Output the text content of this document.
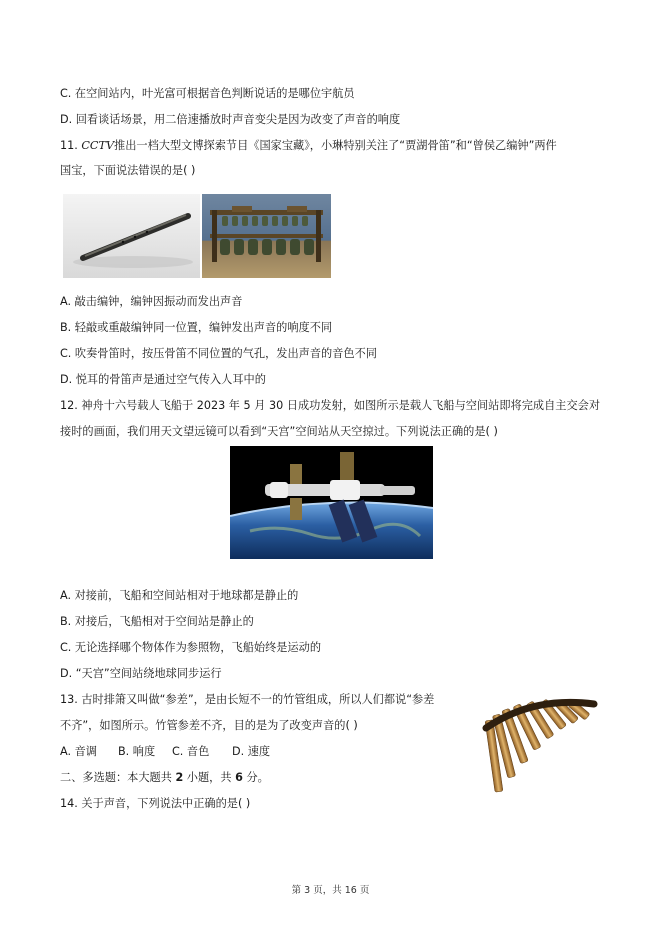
C. 在空间站内，叶光富可根据音色判断说话的是哪位宇航员
D. 回看谈话场景，用二倍速播放时声音变尖是因为改变了声音的响度
11. CCTV推出一档大型文博探索节目《国家宝藏》，小琳特别关注了“贾湖骨笛”和“曾侯乙编钟”两件
国宝，下面说法错误的是( )
A. 敲击编钟，编钟因振动而发出声音
B. 轻敲或重敲编钟同一位置，编钟发出声音的响度不同
C. 吹奏骨笛时，按压骨笛不同位置的气孔，发出声音的音色不同
D. 悦耳的骨笛声是通过空气传入人耳中的
12. 神舟十六号载人飞船于 2023 年 5 月 30 日成功发射，如图所示是载人飞船与空间站即将完成自主交会对
接时的画面，我们用天文望远镜可以看到“天宫”空间站从天空掠过。下列说法正确的是( )
A. 对接前，飞船和空间站相对于地球都是静止的
B. 对接后，飞船相对于空间站是静止的
C. 无论选择哪个物体作为参照物，飞船始终是运动的
D. “天宫”空间站绕地球同步运行
13. 古时排箫又叫做“参差”，是由长短不一的竹管组成，所以人们都说“参差
不齐”，如图所示。竹管参差不齐，目的是为了改变声音的( )
A. 音调 B. 响度 C. 音色 D. 速度
二、多选题：本大题共 2 小题，共 6 分。
14. 关于声音，下列说法中正确的是( )
第 3 页，共 16 页
